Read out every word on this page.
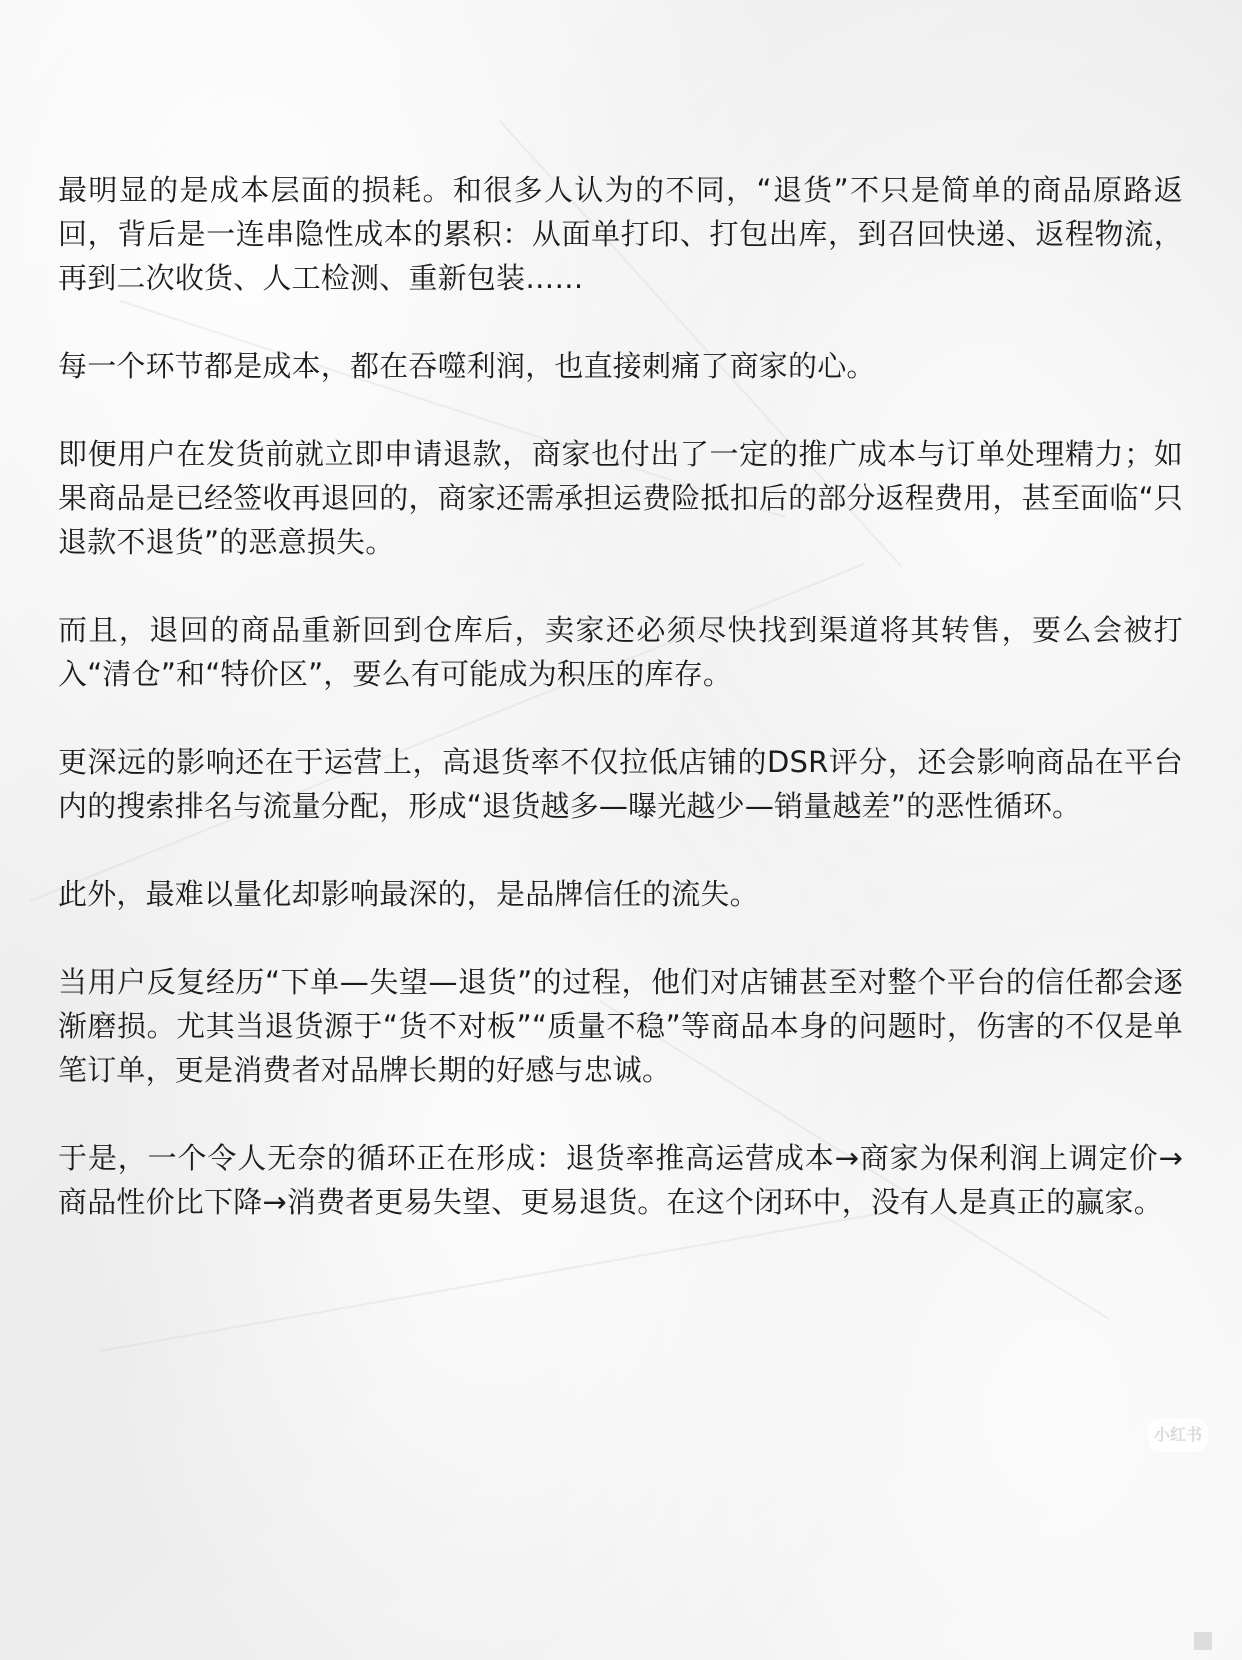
最明显的是成本层面的损耗。和很多人认为的不同，“退货”不只是简单的商品原路返回，背后是一连串隐性成本的累积：从面单打印、打包出库，到召回快递、返程物流，再到二次收货、人工检测、重新包装……

每一个环节都是成本，都在吞噬利润，也直接刺痛了商家的心。

即便用户在发货前就立即申请退款，商家也付出了一定的推广成本与订单处理精力；如果商品是已经签收再退回的，商家还需承担运费险抵扣后的部分返程费用，甚至面临“只退款不退货”的恶意损失。

而且，退回的商品重新回到仓库后，卖家还必须尽快找到渠道将其转售，要么会被打入“清仓”和“特价区”，要么有可能成为积压的库存。

更深远的影响还在于运营上，高退货率不仅拉低店铺的DSR评分，还会影响商品在平台内的搜索排名与流量分配，形成“退货越多—曝光越少—销量越差”的恶性循环。

此外，最难以量化却影响最深的，是品牌信任的流失。

当用户反复经历“下单—失望—退货”的过程，他们对店铺甚至对整个平台的信任都会逐渐磨损。尤其当退货源于“货不对板”“质量不稳”等商品本身的问题时，伤害的不仅是单笔订单，更是消费者对品牌长期的好感与忠诚。

于是，一个令人无奈的循环正在形成：退货率推高运营成本→商家为保利润上调定价→商品性价比下降→消费者更易失望、更易退货。在这个闭环中，没有人是真正的赢家。

小红书
